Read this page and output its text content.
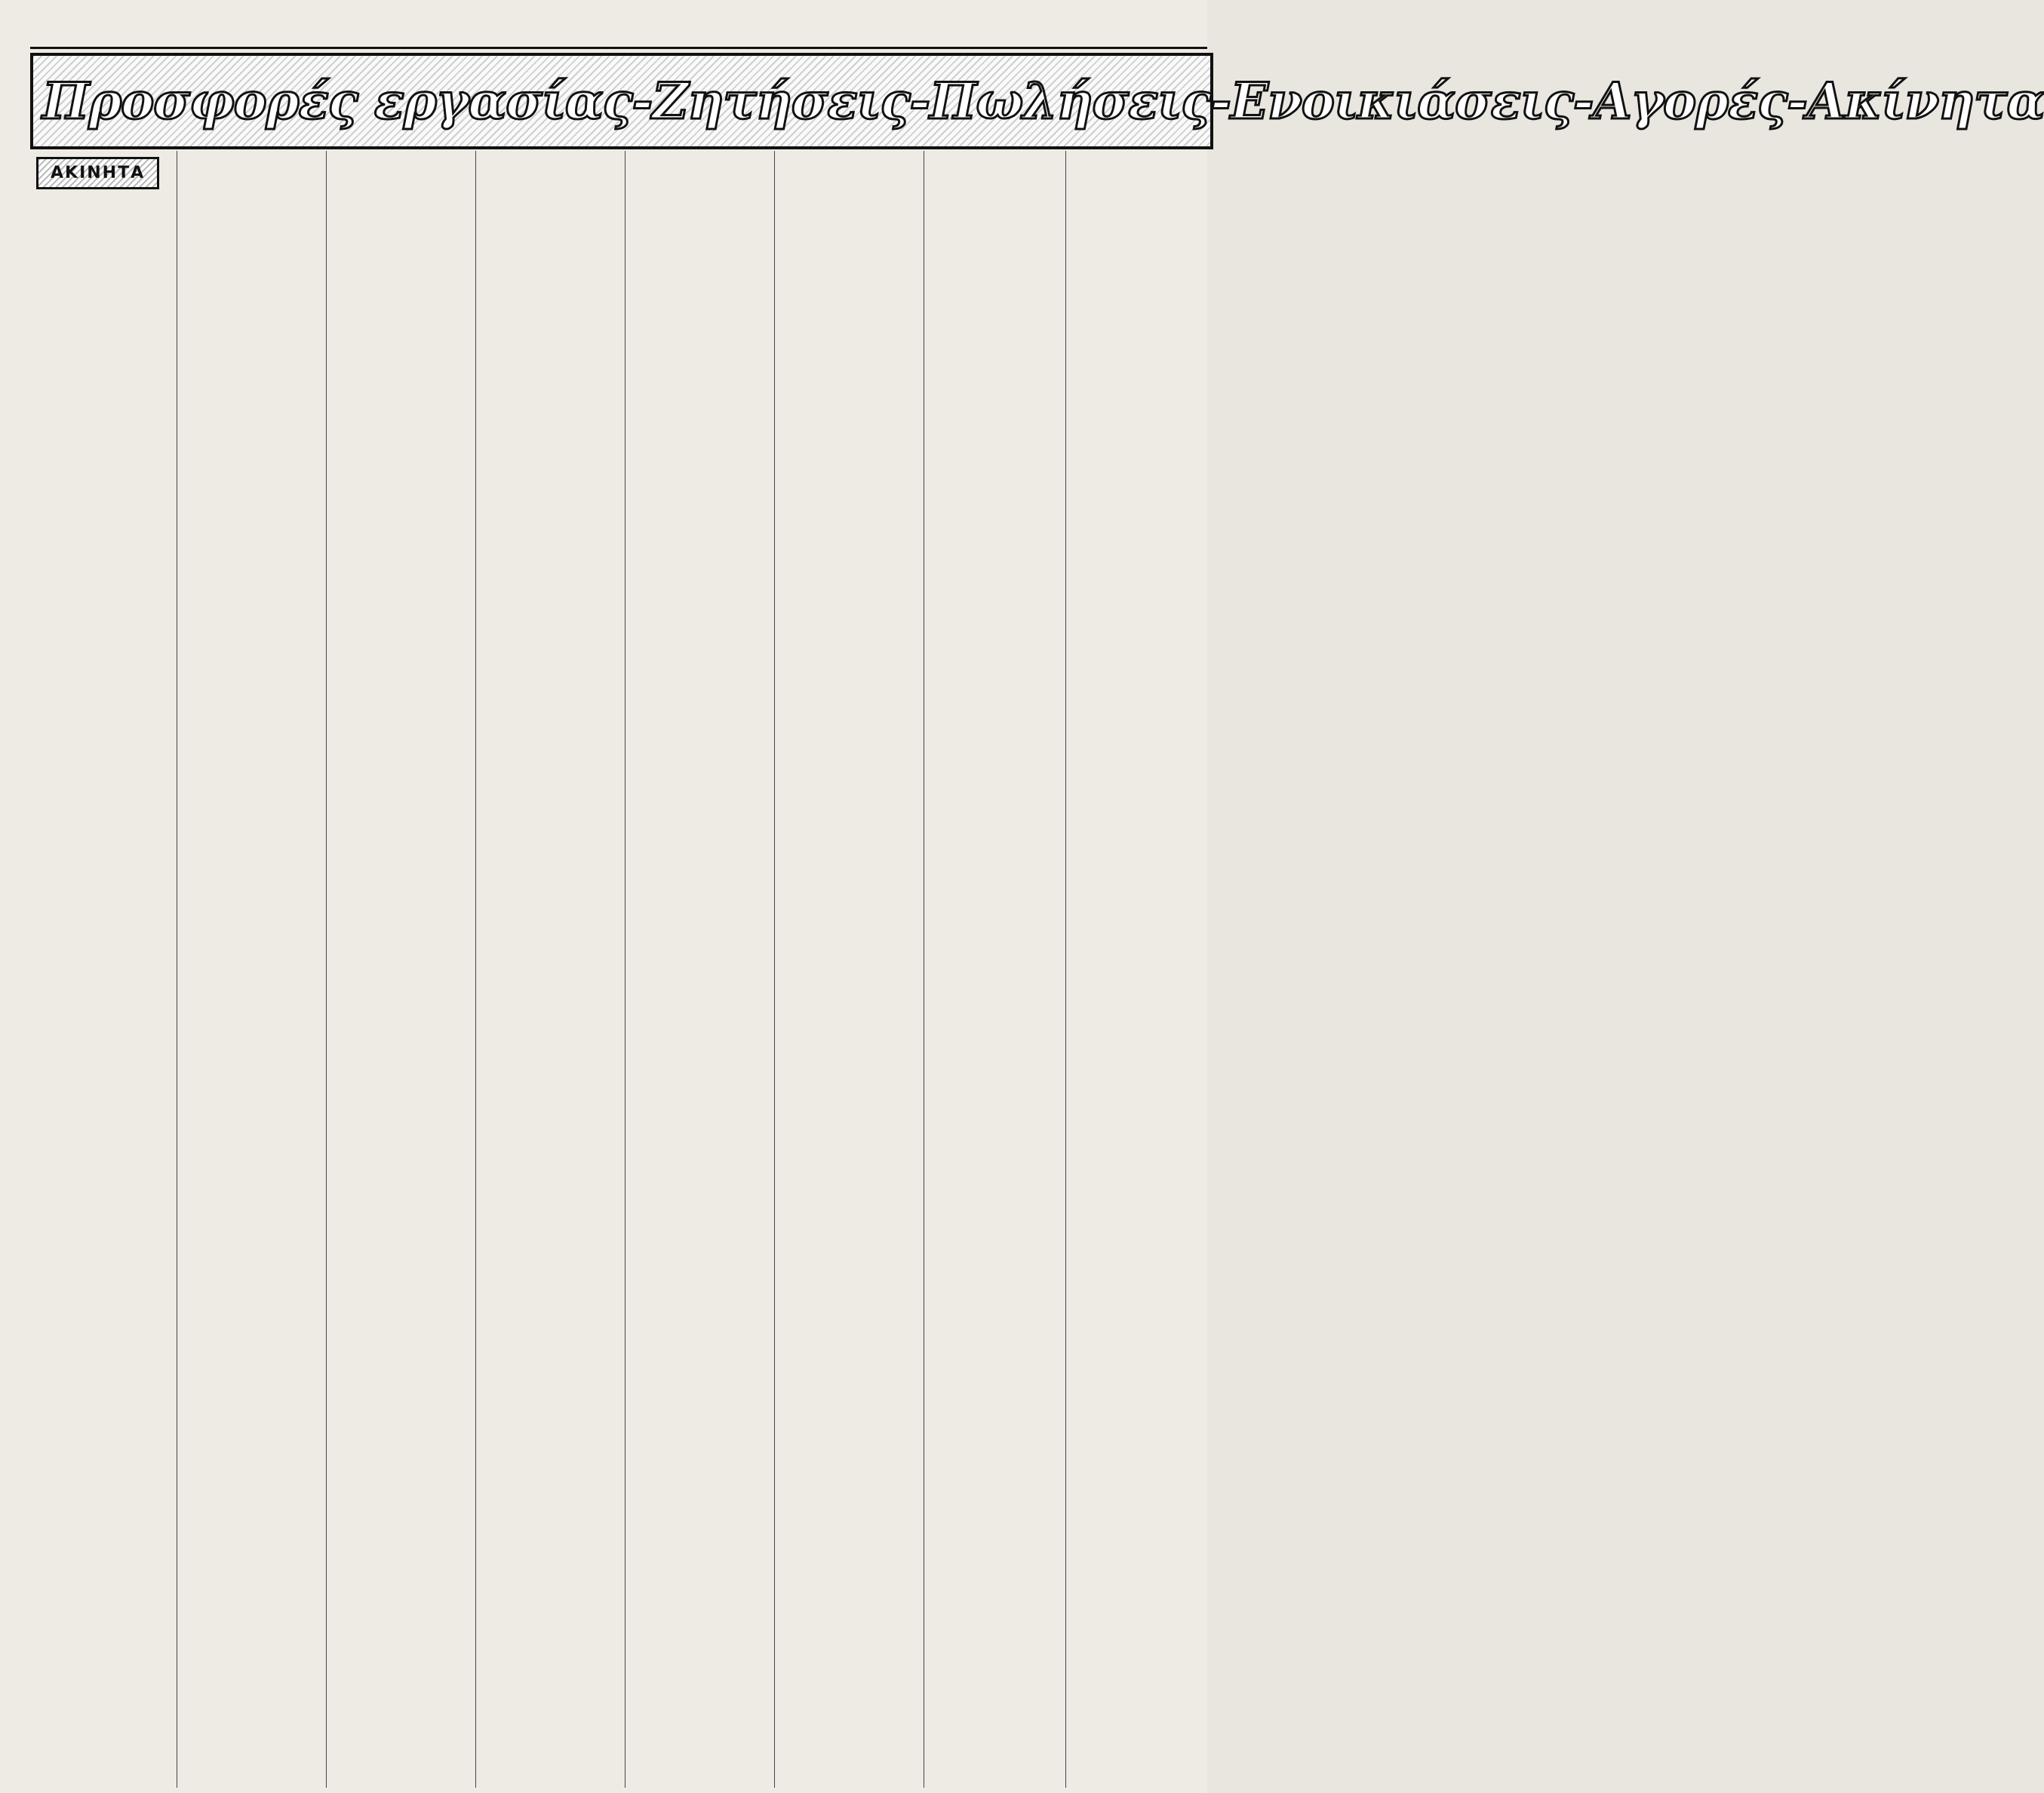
Προσφορές εργασίας-Ζητήσεις-Πωλήσεις-Ενοικιάσεις-Αγορές-Ακίνητα
ΑΚΙΝΗΤΑ
